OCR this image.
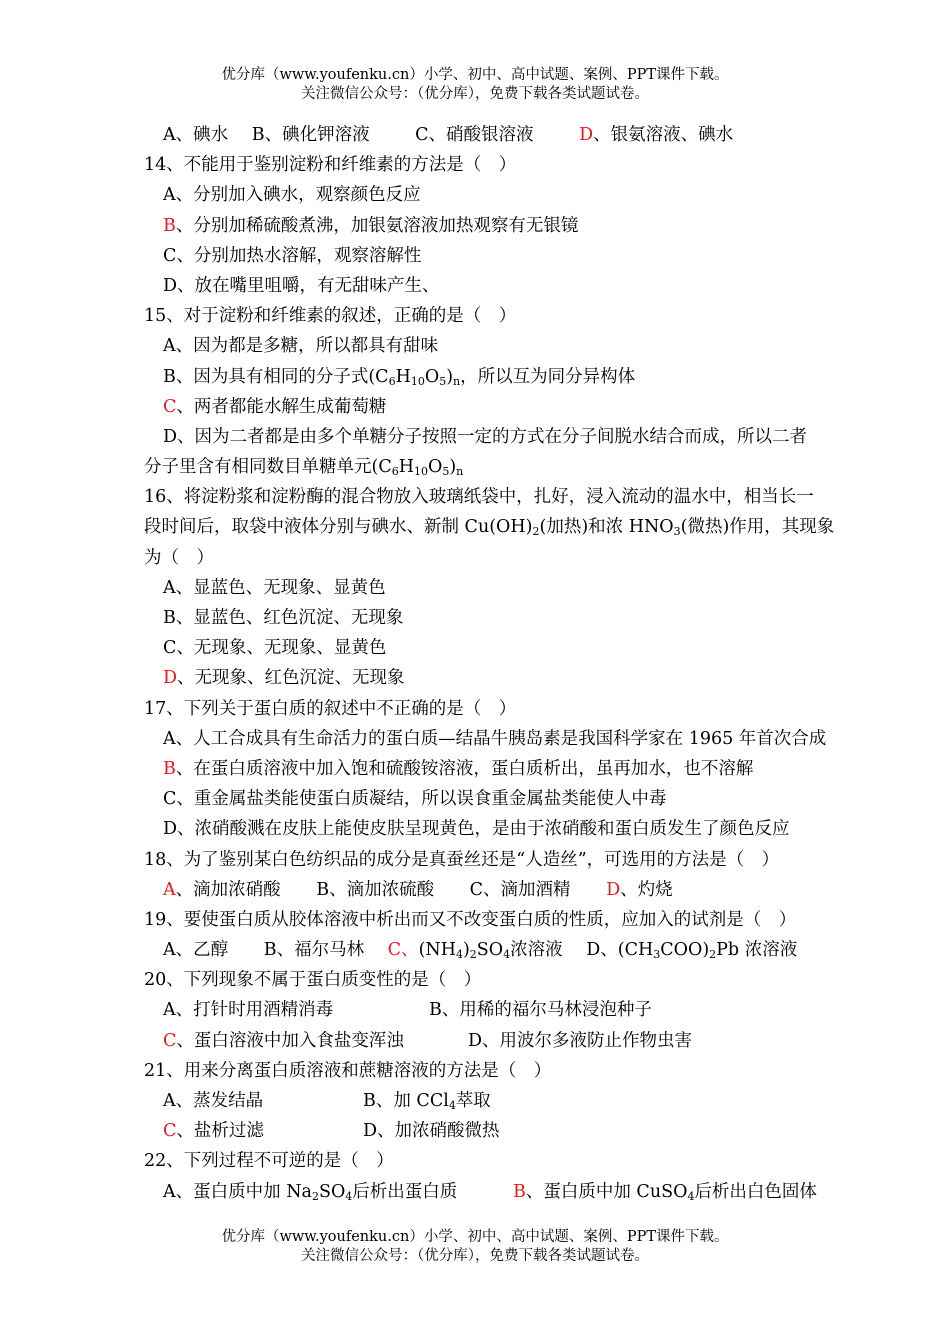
优分库（www.youfenku.cn）小学、初中、高中试题、案例、PPT课件下载。

关注微信公众号：（优分库），免费下载各类试题试卷。

A、碘水 B、碘化钾溶液	C、硝酸银溶液	D、银氨溶液、碘水
14、不能用于鉴别淀粉和纤维素的方法是（　）
A、分别加入碘水，观察颜色反应
B、分别加稀硫酸煮沸，加银氨溶液加热观察有无银镜
C、分别加热水溶解，观察溶解性
D、放在嘴里咀嚼，有无甜味产生、
15、对于淀粉和纤维素的叙述，正确的是（　）
A、因为都是多糖，所以都具有甜味
B、因为具有相同的分子式$(C_6H_{10}O_5)_n$，所以互为同分异构体
C、两者都能水解生成葡萄糖
D、因为二者都是由多个单糖分子按照一定的方式在分子间脱水结合而成，所以二者
分子里含有相同数目单糖单元$(C_6H_{10}O_5)_n$
16、将淀粉浆和淀粉酶的混合物放入玻璃纸袋中，扎好，浸入流动的温水中，相当长一
段时间后，取袋中液体分别与碘水、新制 $Cu(OH)_2$(加热)和浓 $HNO_3$(微热)作用，其现象
为（　）
A、显蓝色、无现象、显黄色
B、显蓝色、红色沉淀、无现象
C、无现象、无现象、显黄色
D、无现象、红色沉淀、无现象
17、下列关于蛋白质的叙述中不正确的是（　）
A、人工合成具有生命活力的蛋白质—结晶牛胰岛素是我国科学家在 1965 年首次合成
B、在蛋白质溶液中加入饱和硫酸铵溶液，蛋白质析出，虽再加水，也不溶解
C、重金属盐类能使蛋白质凝结，所以误食重金属盐类能使人中毒
D、浓硝酸溅在皮肤上能使皮肤呈现黄色，是由于浓硝酸和蛋白质发生了颜色反应
18、为了鉴别某白色纺织品的成分是真蚕丝还是“人造丝”，可选用的方法是（　）
A、滴加浓硝酸 B、滴加浓硫酸 C、滴加酒精 D、灼烧
19、要使蛋白质从胶体溶液中析出而又不改变蛋白质的性质，应加入的试剂是（　）
A、乙醇 B、福尔马林 C、$(NH_4)_2SO_4$浓溶液 D、$(CH_3COO)_2Pb$ 浓溶液
20、下列现象不属于蛋白质变性的是（　）
A、打针时用酒精消毒	B、用稀的福尔马林浸泡种子
C、蛋白溶液中加入食盐变浑浊	D、用波尔多液防止作物虫害
21、用来分离蛋白质溶液和蔗糖溶液的方法是（　）
A、蒸发结晶	B、加 CCl$_4$萃取
C、盐析过滤	D、加浓硝酸微热
22、下列过程不可逆的是（　）
A、蛋白质中加 $Na_2SO_4$后析出蛋白质	B、蛋白质中加 CuSO$_4$后析出白色固体

优分库（www.youfenku.cn）小学、初中、高中试题、案例、PPT课件下载。

关注微信公众号：（优分库），免费下载各类试题试卷。
